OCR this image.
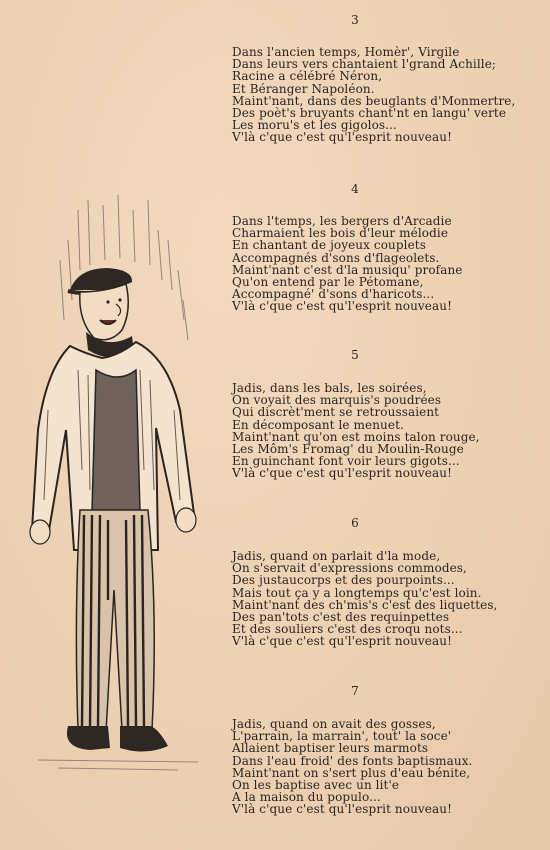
3
Dans l'ancien temps, Homèr', Virgile
Dans leurs vers chantaient l'grand Achille;
Racine a célébré Néron,
Et Béranger Napoléon.
Maint'nant, dans des beuglants d'Monmertre,
Des poèt's bruyants chant'nt en langu' verte
Les moru's et les gigolos...
V'là c'que c'est qu'l'esprit nouveau!
4
Dans l'temps, les bergers d'Arcadie
Charmaient les bois d'leur mélodie
En chantant de joyeux couplets
Accompagnés d'sons d'flageolets.
Maint'nant c'est d'la musiqu' profane
Qu'on entend par le Pétomane,
Accompagné' d'sons d'haricots...
V'là c'que c'est qu'l'esprit nouveau!
5
Jadis, dans les bals, les soirées,
On voyait des marquis's poudrées
Qui discrèt'ment se retroussaient
En décomposant le menuet.
Maint'nant qu'on est moins talon rouge,
Les Môm's Fromag' du Moulin-Rouge
En guinchant font voir leurs gigots...
V'là c'que c'est qu'l'esprit nouveau!
6
Jadis, quand on parlait d'la mode,
On s'servait d'expressions commodes,
Des justaucorps et des pourpoints...
Mais tout ça y a longtemps qu'c'est loin.
Maint'nant des ch'mis's c'est des liquettes,
Des pan'tots c'est des requinpettes
Et des souliers c'est des croqu nots...
V'là c'que c'est qu'l'esprit nouveau!
7
Jadis, quand on avait des gosses,
L'parrain, la marrain', tout' la soce'
Allaient baptiser leurs marmots
Dans l'eau froid' des fonts baptismaux.
Maint'nant on s'sert plus d'eau bénite,
On les baptise avec un lit'e
A la maison du populo...
V'là c'que c'est qu'l'esprit nouveau!
